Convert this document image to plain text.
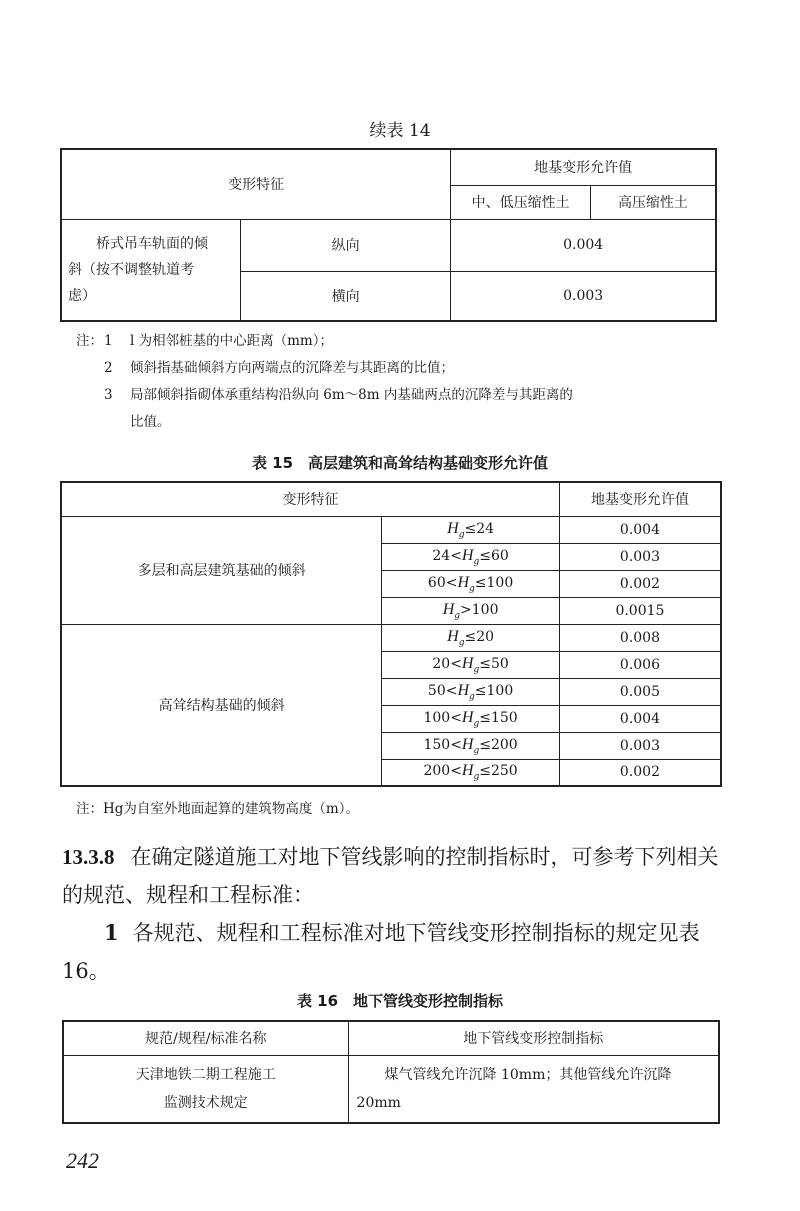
续表 14
变形特征		地基变形允许值	
		中、低压缩性土	高压缩性土

桥式吊车轨面的倾
斜（按不调整轨道考
虑）	纵向	0.004	
	横向	0.003	
注： 1	l 为相邻桩基的中心距离（mm）；
2	倾斜指基础倾斜方向两端点的沉降差与其距离的比值；
3	局部倾斜指砌体承重结构沿纵向 6m～8m 内基础两点的沉降差与其距离的
比值。
表 15　高层建筑和高耸结构基础变形允许值
变形特征		地基变形允许值
多层和高层建筑基础的倾斜	$H_g\le 24$	0.004
	$24<H_g\le 60$	0.003
	$60<H_g\le 100$	0.002
	$H_g>100$	0.0015
高耸结构基础的倾斜	$H_g\le 20$	0.008
	$20<H_g\le 50$	0.006
	$50<H_g\le 100$	0.005
	$100<H_g\le 150$	0.004
	$150<H_g\le 200$	0.003
	$200<H_g\le 250$	0.002
注：Hg为自室外地面起算的建筑物高度（m）。
13.3.8 在确定隧道施工对地下管线影响的控制指标时，可参考下列相关的规范、规程和工程标准：
1 各规范、规程和工程标准对地下管线变形控制指标的规定见表 16。
表 16　地下管线变形控制指标
规范/规程/标准名称	地下管线变形控制指标

天津地铁二期工程施工
监测技术规定	煤气管线允许沉降 10mm；其他管线允许沉降 20mm
242
